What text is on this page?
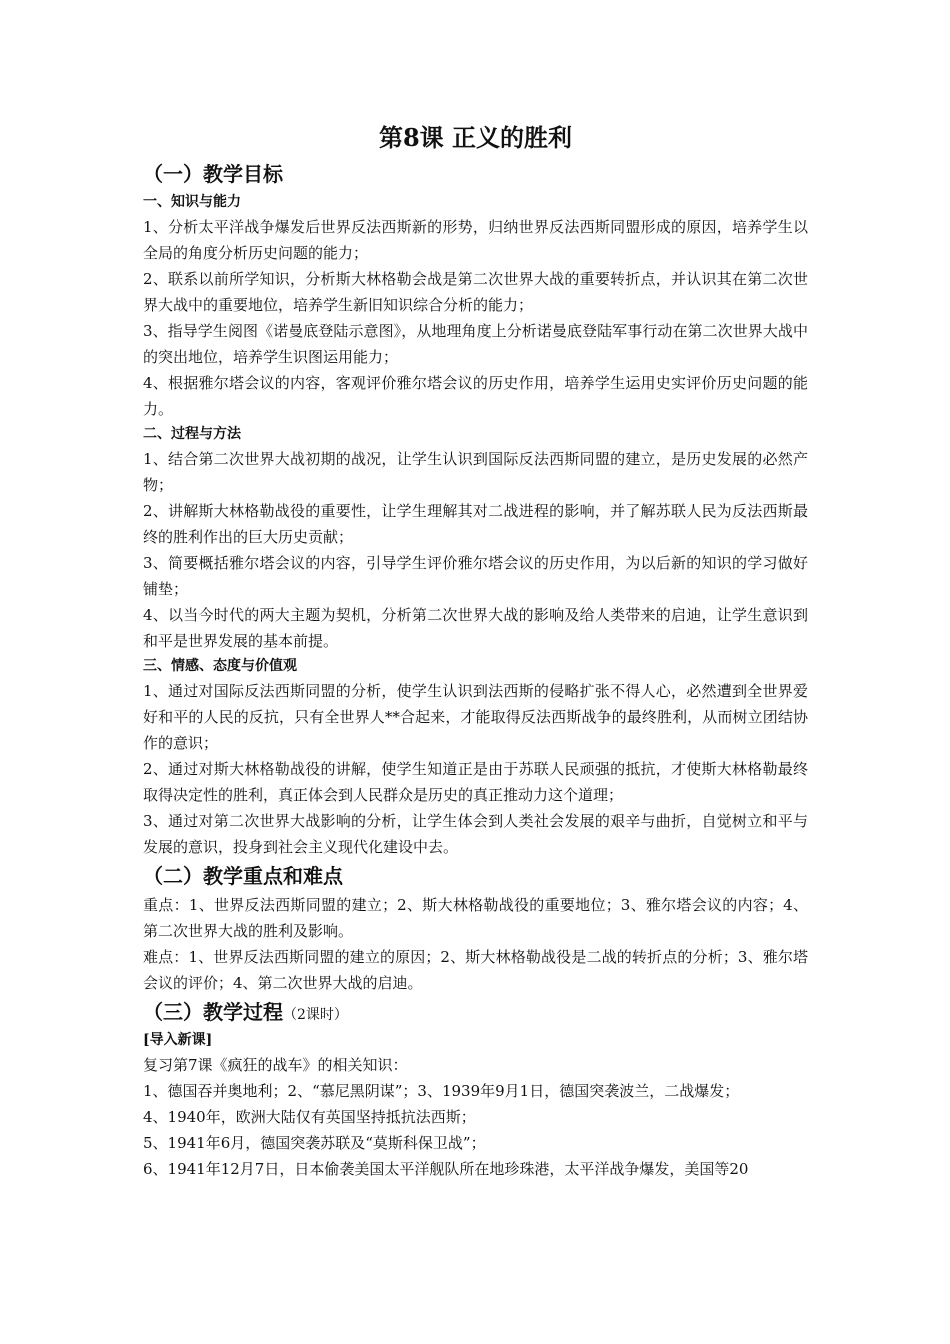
第8课 正义的胜利
（一）教学目标
一、知识与能力

1、分析太平洋战争爆发后世界反法西斯新的形势，归纳世界反法西斯同盟形成的原因，培养学生以全局的角度分析历史问题的能力；

2、联系以前所学知识，分析斯大林格勒会战是第二次世界大战的重要转折点，并认识其在第二次世界大战中的重要地位，培养学生新旧知识综合分析的能力；

3、指导学生阅图《诺曼底登陆示意图》，从地理角度上分析诺曼底登陆军事行动在第二次世界大战中的突出地位，培养学生识图运用能力；

4、根据雅尔塔会议的内容，客观评价雅尔塔会议的历史作用，培养学生运用史实评价历史问题的能力。

二、过程与方法

1、结合第二次世界大战初期的战况，让学生认识到国际反法西斯同盟的建立，是历史发展的必然产物；

2、讲解斯大林格勒战役的重要性，让学生理解其对二战进程的影响，并了解苏联人民为反法西斯最终的胜利作出的巨大历史贡献；

3、简要概括雅尔塔会议的内容，引导学生评价雅尔塔会议的历史作用，为以后新的知识的学习做好铺垫；

4、以当今时代的两大主题为契机，分析第二次世界大战的影响及给人类带来的启迪，让学生意识到和平是世界发展的基本前提。

三、情感、态度与价值观

1、通过对国际反法西斯同盟的分析，使学生认识到法西斯的侵略扩张不得人心，必然遭到全世界爱好和平的人民的反抗，只有全世界人**合起来，才能取得反法西斯战争的最终胜利，从而树立团结协作的意识；

2、通过对斯大林格勒战役的讲解，使学生知道正是由于苏联人民顽强的抵抗，才使斯大林格勒最终取得决定性的胜利，真正体会到人民群众是历史的真正推动力这个道理；

3、通过对第二次世界大战影响的分析，让学生体会到人类社会发展的艰辛与曲折，自觉树立和平与发展的意识，投身到社会主义现代化建设中去。

（二）教学重点和难点

重点：1、世界反法西斯同盟的建立；2、斯大林格勒战役的重要地位；3、雅尔塔会议的内容；4、第二次世界大战的胜利及影响。

难点：1、世界反法西斯同盟的建立的原因；2、斯大林格勒战役是二战的转折点的分析；3、雅尔塔会议的评价；4、第二次世界大战的启迪。

（三）教学过程（2课时）
[导入新课]

复习第7课《疯狂的战车》的相关知识：

1、德国吞并奥地利；2、“慕尼黑阴谋”；3、1939年9月1日，德国突袭波兰，二战爆发；

4、1940年，欧洲大陆仅有英国坚持抵抗法西斯；

5、1941年6月，德国突袭苏联及“莫斯科保卫战”；

6、1941年12月7日，日本偷袭美国太平洋舰队所在地珍珠港，太平洋战争爆发，美国等20
